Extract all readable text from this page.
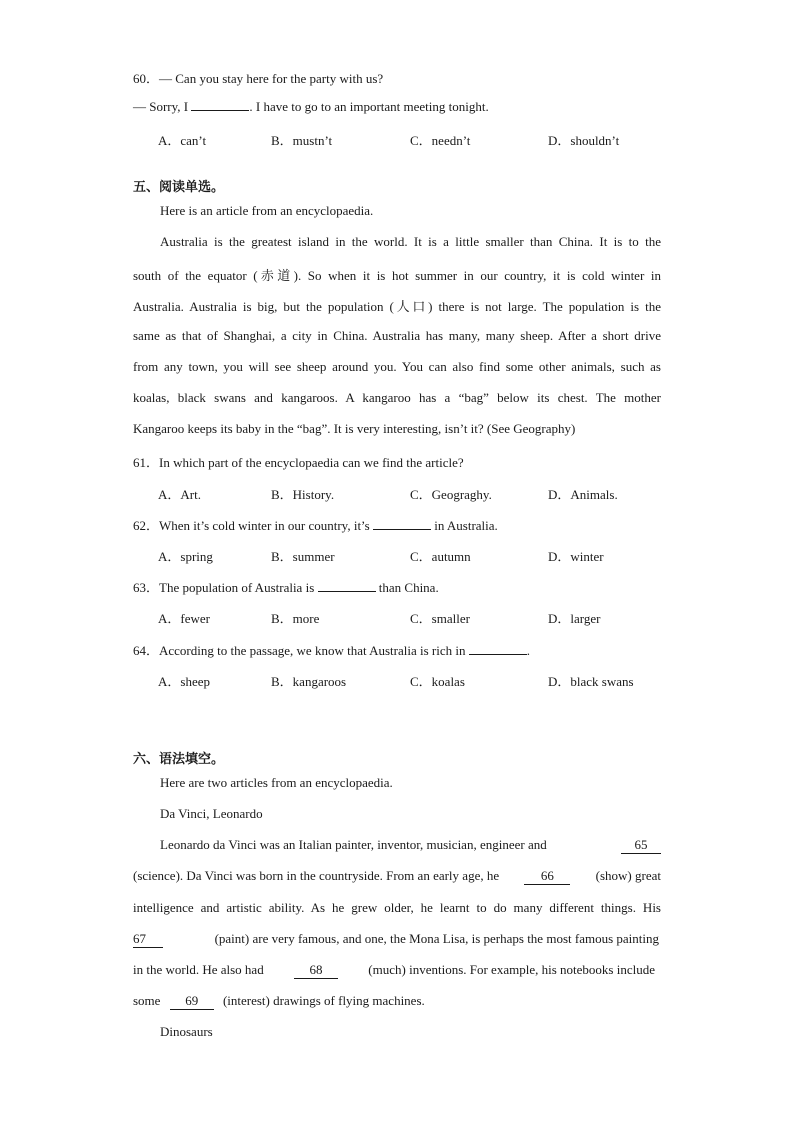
60．— Can you stay here for the party with us?
— Sorry, I	. I have to go to an important meeting tonight.
A．can’t	B．mustn’t	C．needn’t	D．shouldn’t
五、阅读单选。
Here is an article from an encyclopaedia.
Australia is the greatest island in the world. It is a little smaller than China. It is to the
south of the equator (赤道). So when it is hot summer in our country, it is cold winter in
Australia. Australia is big, but the population (人口) there is not large. The population is the
same as that of Shanghai, a city in China. Australia has many, many sheep. After a short drive
from any town, you will see sheep around you. You can also find some other animals, such as
koalas, black swans and kangaroos. A kangaroo has a “bag” below its chest. The mother
Kangaroo keeps its baby in the “bag”. It is very interesting, isn’t it? (See Geography)
61．In which part of the encyclopaedia can we find the article?
A．Art.	B．History.	C．Geograghy.	D．Animals.
62．When it’s cold winter in our country, it’s	in Australia.
A．spring	B．summer	C．autumn	D．winter
63．The population of Australia is	than China.
A．fewer	B．more	C．smaller	D．larger
64．According to the passage, we know that Australia is rich in	.
A．sheep	B．kangaroos	C．koalas	D．black swans
六、语法填空。
Here are two articles from an encyclopaedia.
Da Vinci, Leonardo
Leonardo da Vinci was an Italian painter, inventor, musician, engineer and	65
(science). Da Vinci was born in the countryside. From an early age, he	66	(show) great
intelligence and artistic ability. As he grew older, he learnt to do many different things. His
67	(paint) are very famous, and one, the Mona Lisa, is perhaps the most famous painting
in the world. He also had	68	(much) inventions. For example, his notebooks include
some 69 (interest) drawings of flying machines.
Dinosaurs
